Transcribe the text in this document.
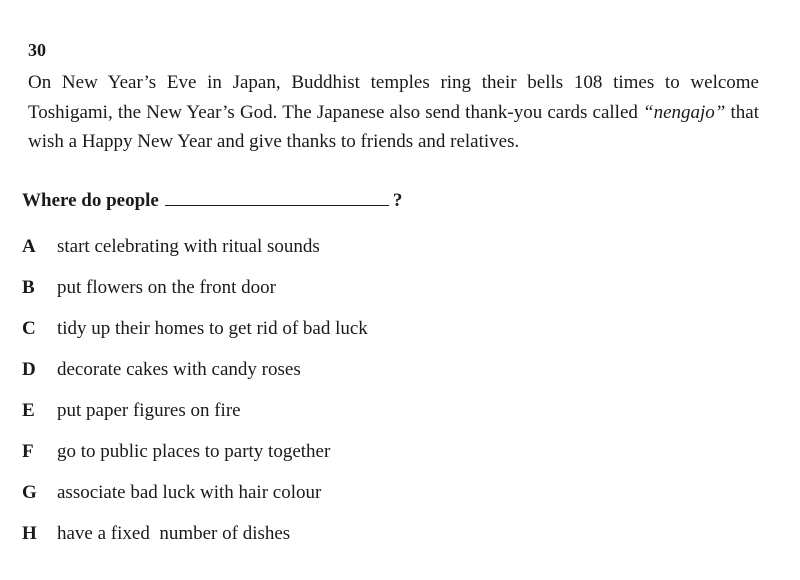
30

On New Year’s Eve in Japan, Buddhist temples ring their bells 108 times to welcome Toshigami, the New Year’s God. The Japanese also send thank-you cards called “nengajo” that wish a Happy New Year and give thanks to friends and relatives.

Where do people	?
A	start celebrating with ritual sounds
B	put flowers on the front door
C	tidy up their homes to get rid of bad luck
D	decorate cakes with candy roses
E	put paper figures on fire
F	go to public places to party together
G	associate bad luck with hair colour
H	have a fixed  number of dishes
